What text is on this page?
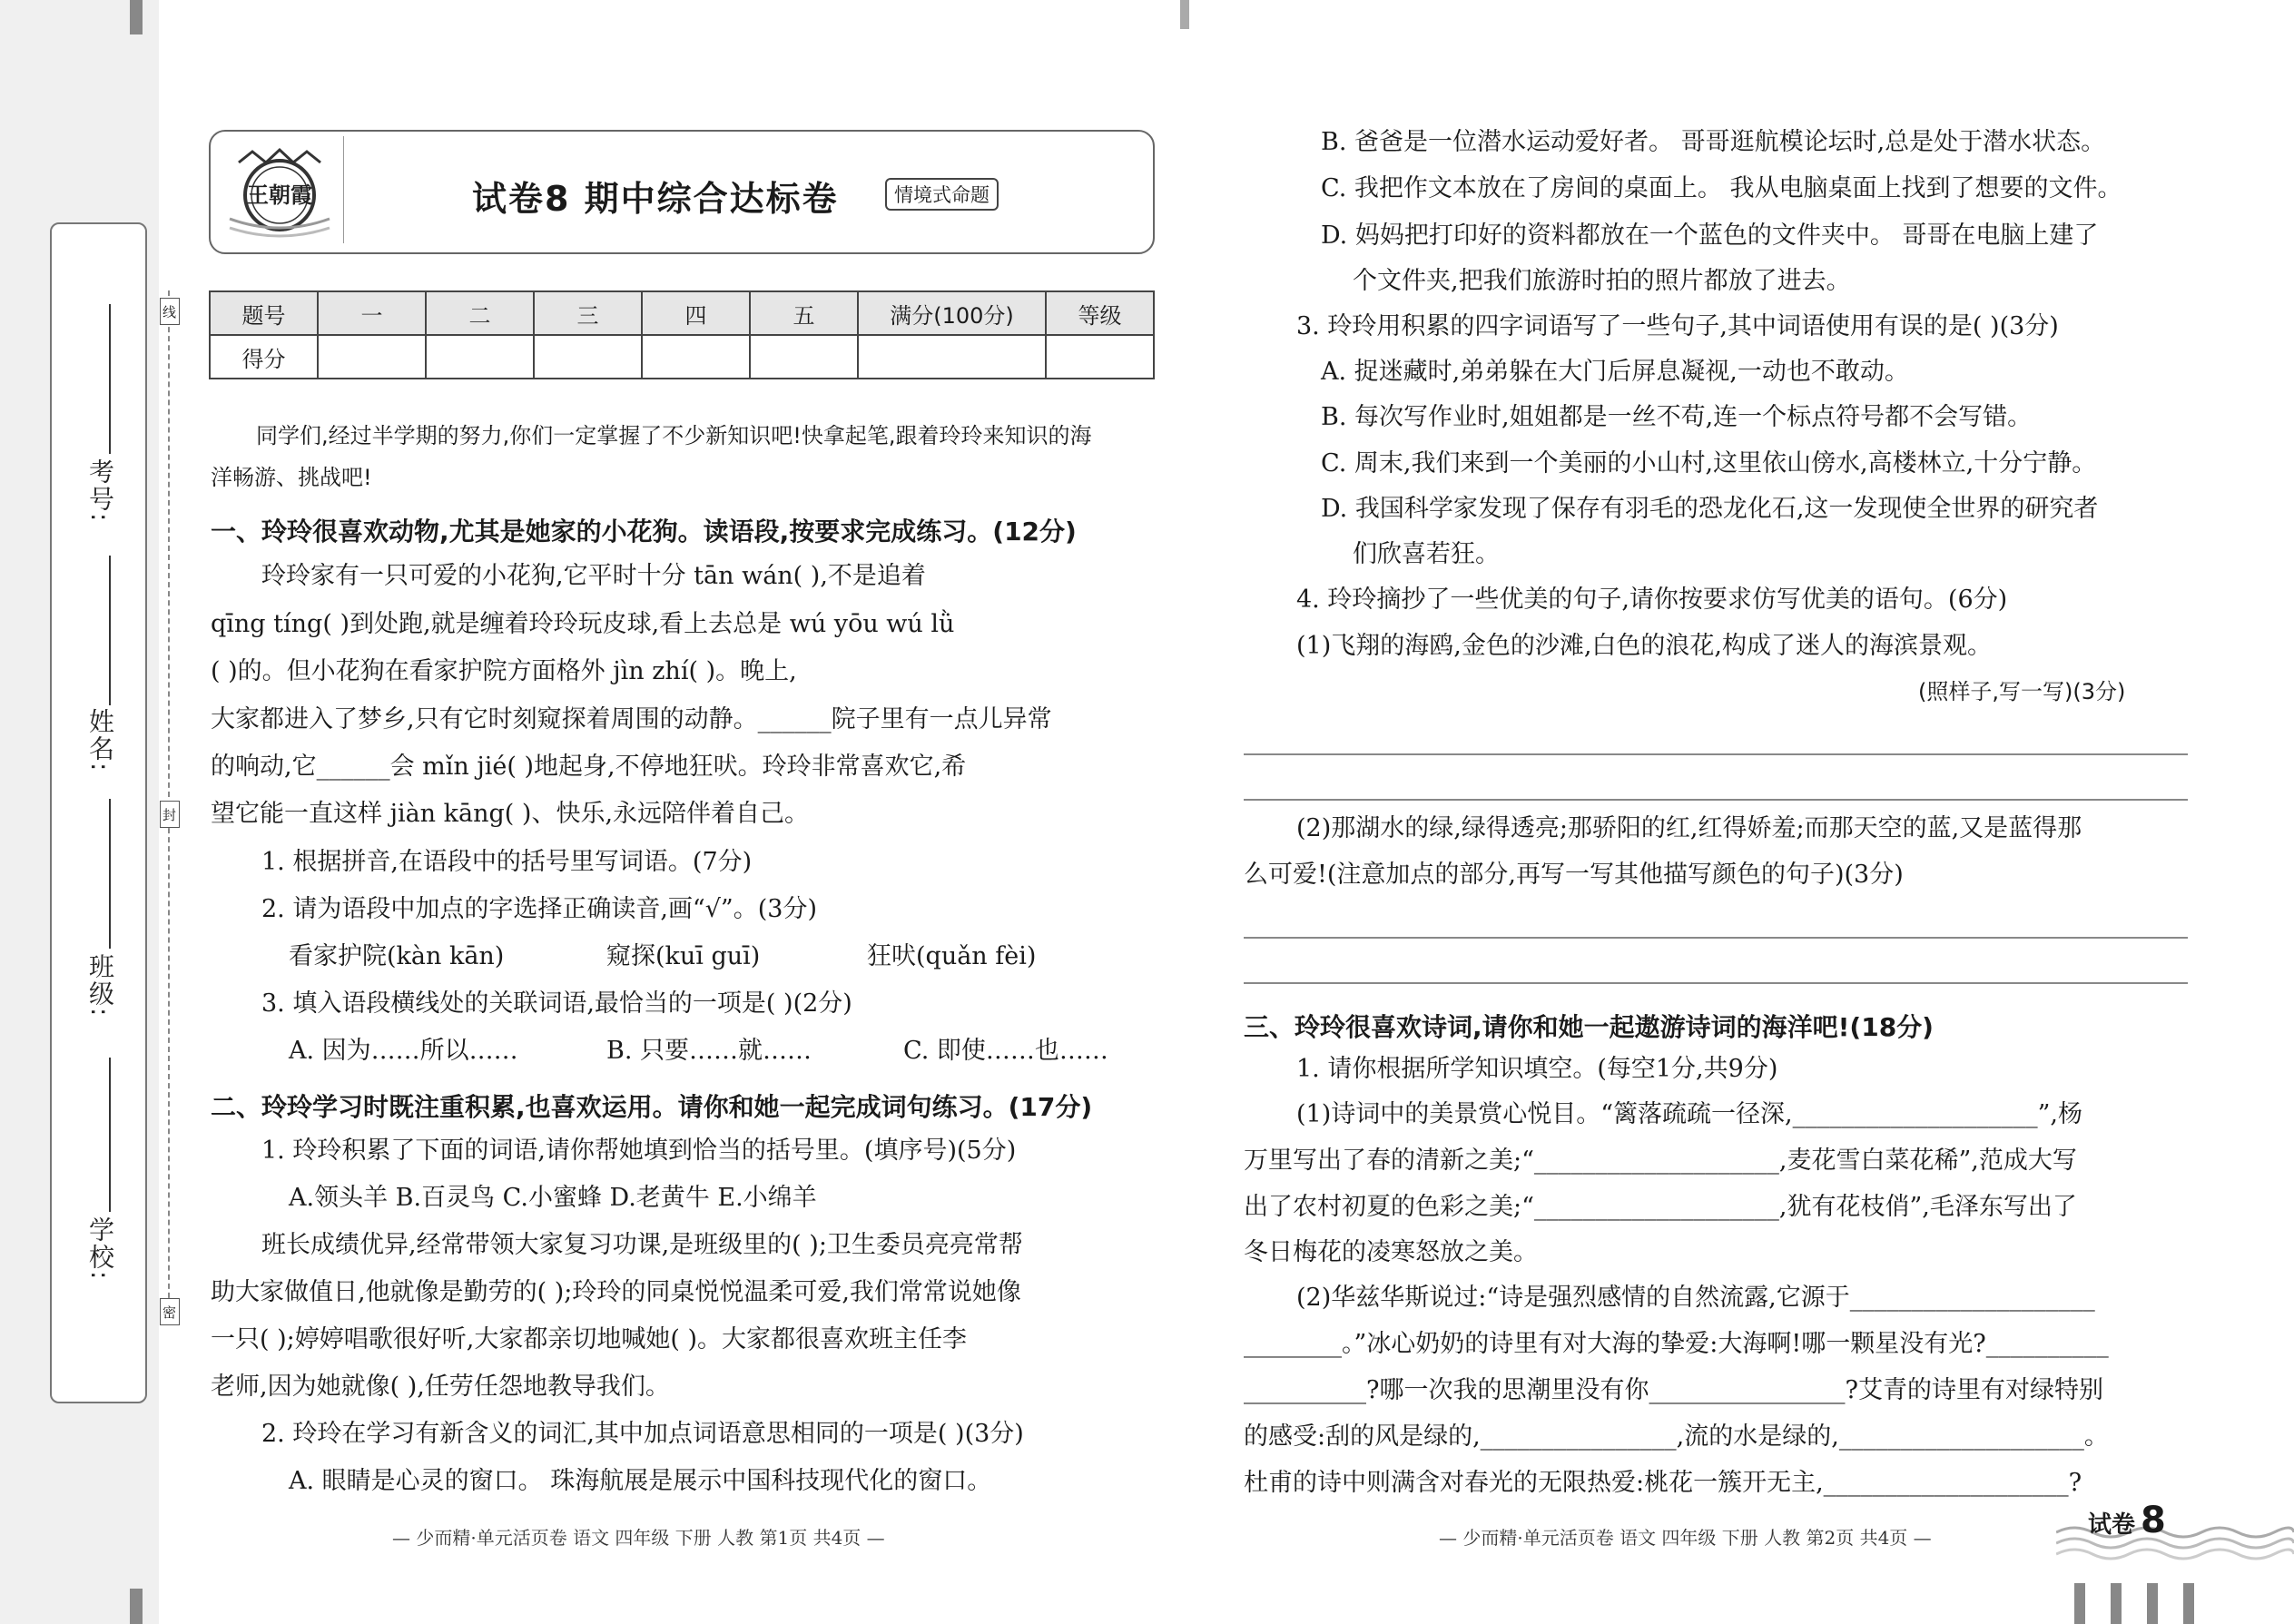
考号:
姓名:
班级:
学校:
线
封
密
王朝霞	试卷8 期中综合达标卷	情境式命题
题号	一	二	三	四	五	满分(100分)	等级
得分							
同学们,经过半学期的努力,你们一定掌握了不少新知识吧!快拿起笔,跟着玲玲来知识的海
洋畅游、挑战吧!
一、玲玲很喜欢动物,尤其是她家的小花狗。读语段,按要求完成练习。(12分)
玲玲家有一只可爱的小花狗,它平时十分 tān wán( ),不是追着
qīng tíng( )到处跑,就是缠着玲玲玩皮球,看上去总是 wú yōu wú lǜ
( )的。但小花狗在看家护院方面格外 jìn zhí( )。晚上,
大家都进入了梦乡,只有它时刻窥探着周围的动静。______院子里有一点儿异常
的响动,它______会 mǐn jié( )地起身,不停地狂吠。玲玲非常喜欢它,希
望它能一直这样 jiàn kāng( )、快乐,永远陪伴着自己。
1. 根据拼音,在语段中的括号里写词语。(7分)
2. 请为语段中加点的字选择正确读音,画“√”。(3分)
看家护院(kàn kān)	窥探(kuī guī)	狂吠(quǎn fèi)
3. 填入语段横线处的关联词语,最恰当的一项是( )(2分)
A. 因为……所以……	B. 只要……就……	C. 即使……也……
二、玲玲学习时既注重积累,也喜欢运用。请你和她一起完成词句练习。(17分)
1. 玲玲积累了下面的词语,请你帮她填到恰当的括号里。(填序号)(5分)
A.领头羊 B.百灵鸟 C.小蜜蜂 D.老黄牛 E.小绵羊
班长成绩优异,经常带领大家复习功课,是班级里的( );卫生委员亮亮常帮
助大家做值日,他就像是勤劳的( );玲玲的同桌悦悦温柔可爱,我们常常说她像
一只( );婷婷唱歌很好听,大家都亲切地喊她( )。大家都很喜欢班主任李
老师,因为她就像( ),任劳任怨地教导我们。
2. 玲玲在学习有新含义的词汇,其中加点词语意思相同的一项是( )(3分)
A. 眼睛是心灵的窗口。 珠海航展是展示中国科技现代化的窗口。
— 少而精·单元活页卷 语文 四年级 下册 人教 第1页 共4页 —
B. 爸爸是一位潜水运动爱好者。 哥哥逛航模论坛时,总是处于潜水状态。
C. 我把作文本放在了房间的桌面上。 我从电脑桌面上找到了想要的文件。
D. 妈妈把打印好的资料都放在一个蓝色的文件夹中。 哥哥在电脑上建了
个文件夹,把我们旅游时拍的照片都放了进去。
3. 玲玲用积累的四字词语写了一些句子,其中词语使用有误的是( )(3分)
A. 捉迷藏时,弟弟躲在大门后屏息凝视,一动也不敢动。
B. 每次写作业时,姐姐都是一丝不苟,连一个标点符号都不会写错。
C. 周末,我们来到一个美丽的小山村,这里依山傍水,高楼林立,十分宁静。
D. 我国科学家发现了保存有羽毛的恐龙化石,这一发现使全世界的研究者
们欣喜若狂。
4. 玲玲摘抄了一些优美的句子,请你按要求仿写优美的语句。(6分)
(1)飞翔的海鸥,金色的沙滩,白色的浪花,构成了迷人的海滨景观。
(照样子,写一写)(3分)
(2)那湖水的绿,绿得透亮;那骄阳的红,红得娇羞;而那天空的蓝,又是蓝得那
么可爱!(注意加点的部分,再写一写其他描写颜色的句子)(3分)
三、玲玲很喜欢诗词,请你和她一起遨游诗词的海洋吧!(18分)
1. 请你根据所学知识填空。(每空1分,共9分)
(1)诗词中的美景赏心悦目。“篱落疏疏一径深,____________________”,杨
万里写出了春的清新之美;“____________________,麦花雪白菜花稀”,范成大写
出了农村初夏的色彩之美;“____________________,犹有花枝俏”,毛泽东写出了
冬日梅花的凌寒怒放之美。
(2)华兹华斯说过:“诗是强烈感情的自然流露,它源于____________________
________。”冰心奶奶的诗里有对大海的挚爱:大海啊!哪一颗星没有光?__________
__________?哪一次我的思潮里没有你________________?艾青的诗里有对绿特别
的感受:刮的风是绿的,________________,流的水是绿的,____________________。
杜甫的诗中则满含对春光的无限热爱:桃花一簇开无主,____________________?
— 少而精·单元活页卷 语文 四年级 下册 人教 第2页 共4页 —	试卷 8
